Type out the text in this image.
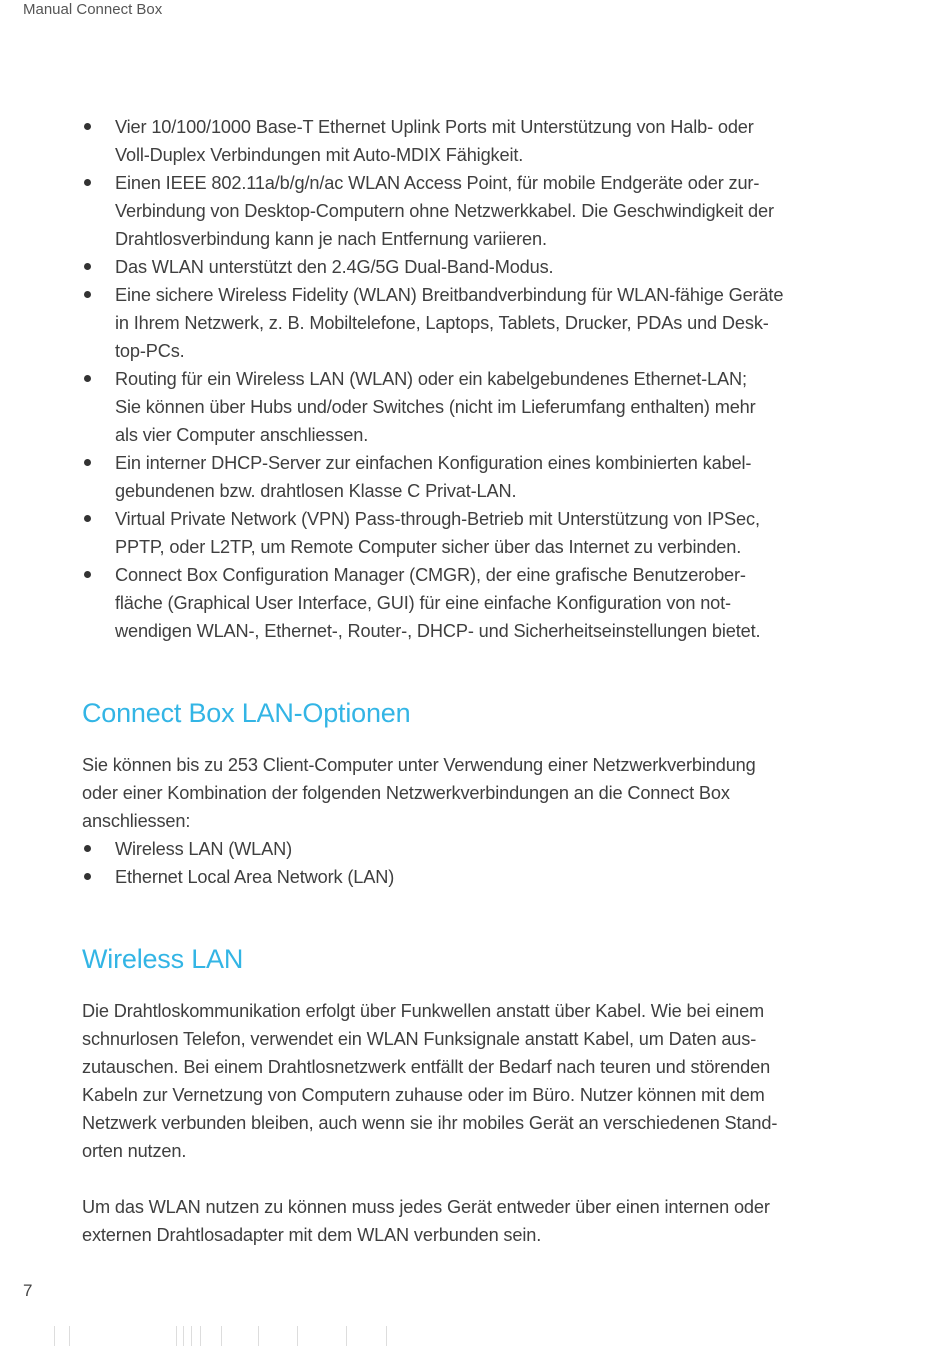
Manual Connect Box
Vier 10/100/1000 Base-T Ethernet Uplink Ports mit Unterstützung von Halb- oder
Voll-Duplex Verbindungen mit Auto-MDIX Fähigkeit.
Einen IEEE 802.11a/b/g/n/ac WLAN Access Point, für mobile Endgeräte oder zur-
Verbindung von Desktop-Computern ohne Netzwerkkabel. Die Geschwindigkeit der
Drahtlosverbindung kann je nach Entfernung variieren.
Das WLAN unterstützt den 2.4G/5G Dual-Band-Modus.
Eine sichere Wireless Fidelity (WLAN) Breitbandverbindung für WLAN-fähige Geräte
in Ihrem Netzwerk, z. B. Mobiltelefone, Laptops, Tablets, Drucker, PDAs und Desk-
top-PCs.
Routing für ein Wireless LAN (WLAN) oder ein kabelgebundenes Ethernet-LAN;
Sie können über Hubs und/oder Switches (nicht im Lieferumfang enthalten) mehr
als vier Computer anschliessen.
Ein interner DHCP-Server zur einfachen Konfiguration eines kombinierten kabel-
gebundenen bzw. drahtlosen Klasse C Privat-LAN.
Virtual Private Network (VPN) Pass-through-Betrieb mit Unterstützung von IPSec,
PPTP, oder L2TP, um Remote Computer sicher über das Internet zu verbinden.
Connect Box Configuration Manager (CMGR), der eine grafische Benutzerober-
fläche (Graphical User Interface, GUI) für eine einfache Konfiguration von not-
wendigen WLAN-, Ethernet-, Router-, DHCP- und Sicherheitseinstellungen bietet.
Connect Box LAN-Optionen

Sie können bis zu 253 Client-Computer unter Verwendung einer Netzwerkverbindung
oder einer Kombination der folgenden Netzwerkverbindungen an die Connect Box
anschliessen:

Wireless LAN (WLAN)
Ethernet Local Area Network (LAN)
Wireless LAN

Die Drahtloskommunikation erfolgt über Funkwellen anstatt über Kabel. Wie bei einem
schnurlosen Telefon, verwendet ein WLAN Funksignale anstatt Kabel, um Daten aus-
zutauschen. Bei einem Drahtlosnetzwerk entfällt der Bedarf nach teuren und störenden
Kabeln zur Vernetzung von Computern zuhause oder im Büro. Nutzer können mit dem
Netzwerk verbunden bleiben, auch wenn sie ihr mobiles Gerät an verschiedenen Stand-
orten nutzen.

Um das WLAN nutzen zu können muss jedes Gerät entweder über einen internen oder
externen Drahtlosadapter mit dem WLAN verbunden sein.

7
